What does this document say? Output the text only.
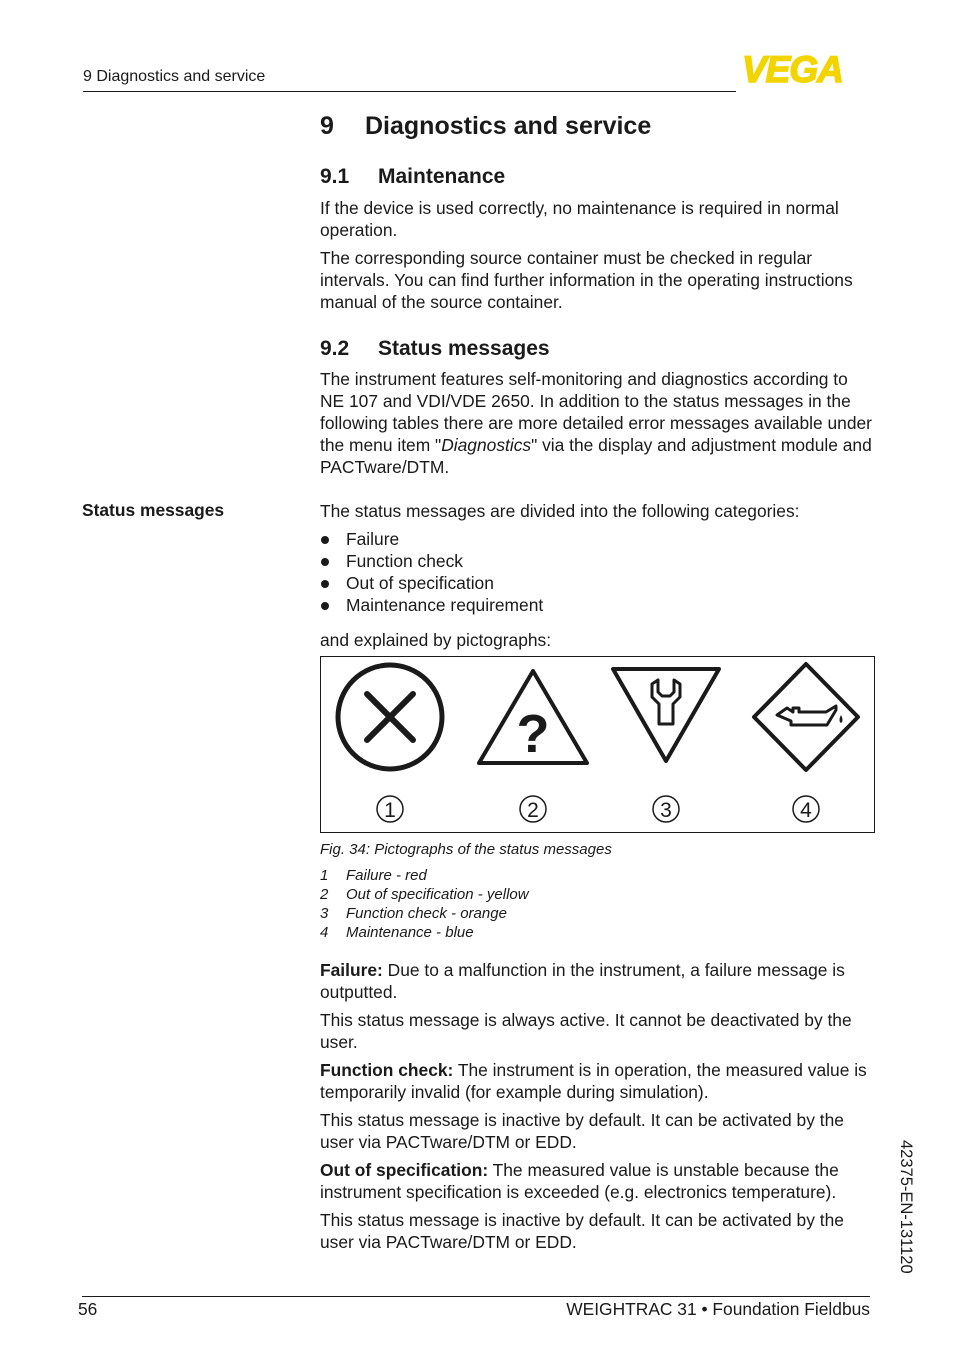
9 Diagnostics and service	VEGA
9 Diagnostics and service
9.1 Maintenance
If the device is used correctly, no maintenance is required in normal operation.
The corresponding source container must be checked in regular intervals. You can find further information in the operating instructions manual of the source container.
9.2 Status messages
The instrument features self-monitoring and diagnostics according to NE 107 and VDI/VDE 2650. In addition to the status messages in the following tables there are more detailed error messages available under the menu item "Diagnostics" via the display and adjustment module and PACTware/DTM.
Status messages	The status messages are divided into the following categories:
Failure
Function check
Out of specification
Maintenance requirement
and explained by pictographs:
?
1	2	3	4
Fig. 34: Pictographs of the status messages
1 Failure - red
2 Out of specification - yellow
3 Function check - orange
4 Maintenance - blue
Failure: Due to a malfunction in the instrument, a failure message is outputted.
This status message is always active. It cannot be deactivated by the user.
Function check: The instrument is in operation, the measured value is temporarily invalid (for example during simulation).
This status message is inactive by default. It can be activated by the user via PACTware/DTM or EDD.
Out of specification: The measured value is unstable because the instrument specification is exceeded (e.g. electronics temperature).
This status message is inactive by default. It can be activated by the user via PACTware/DTM or EDD.	42375-EN-131120
56	WEIGHTRAC 31 • Foundation Fieldbus
